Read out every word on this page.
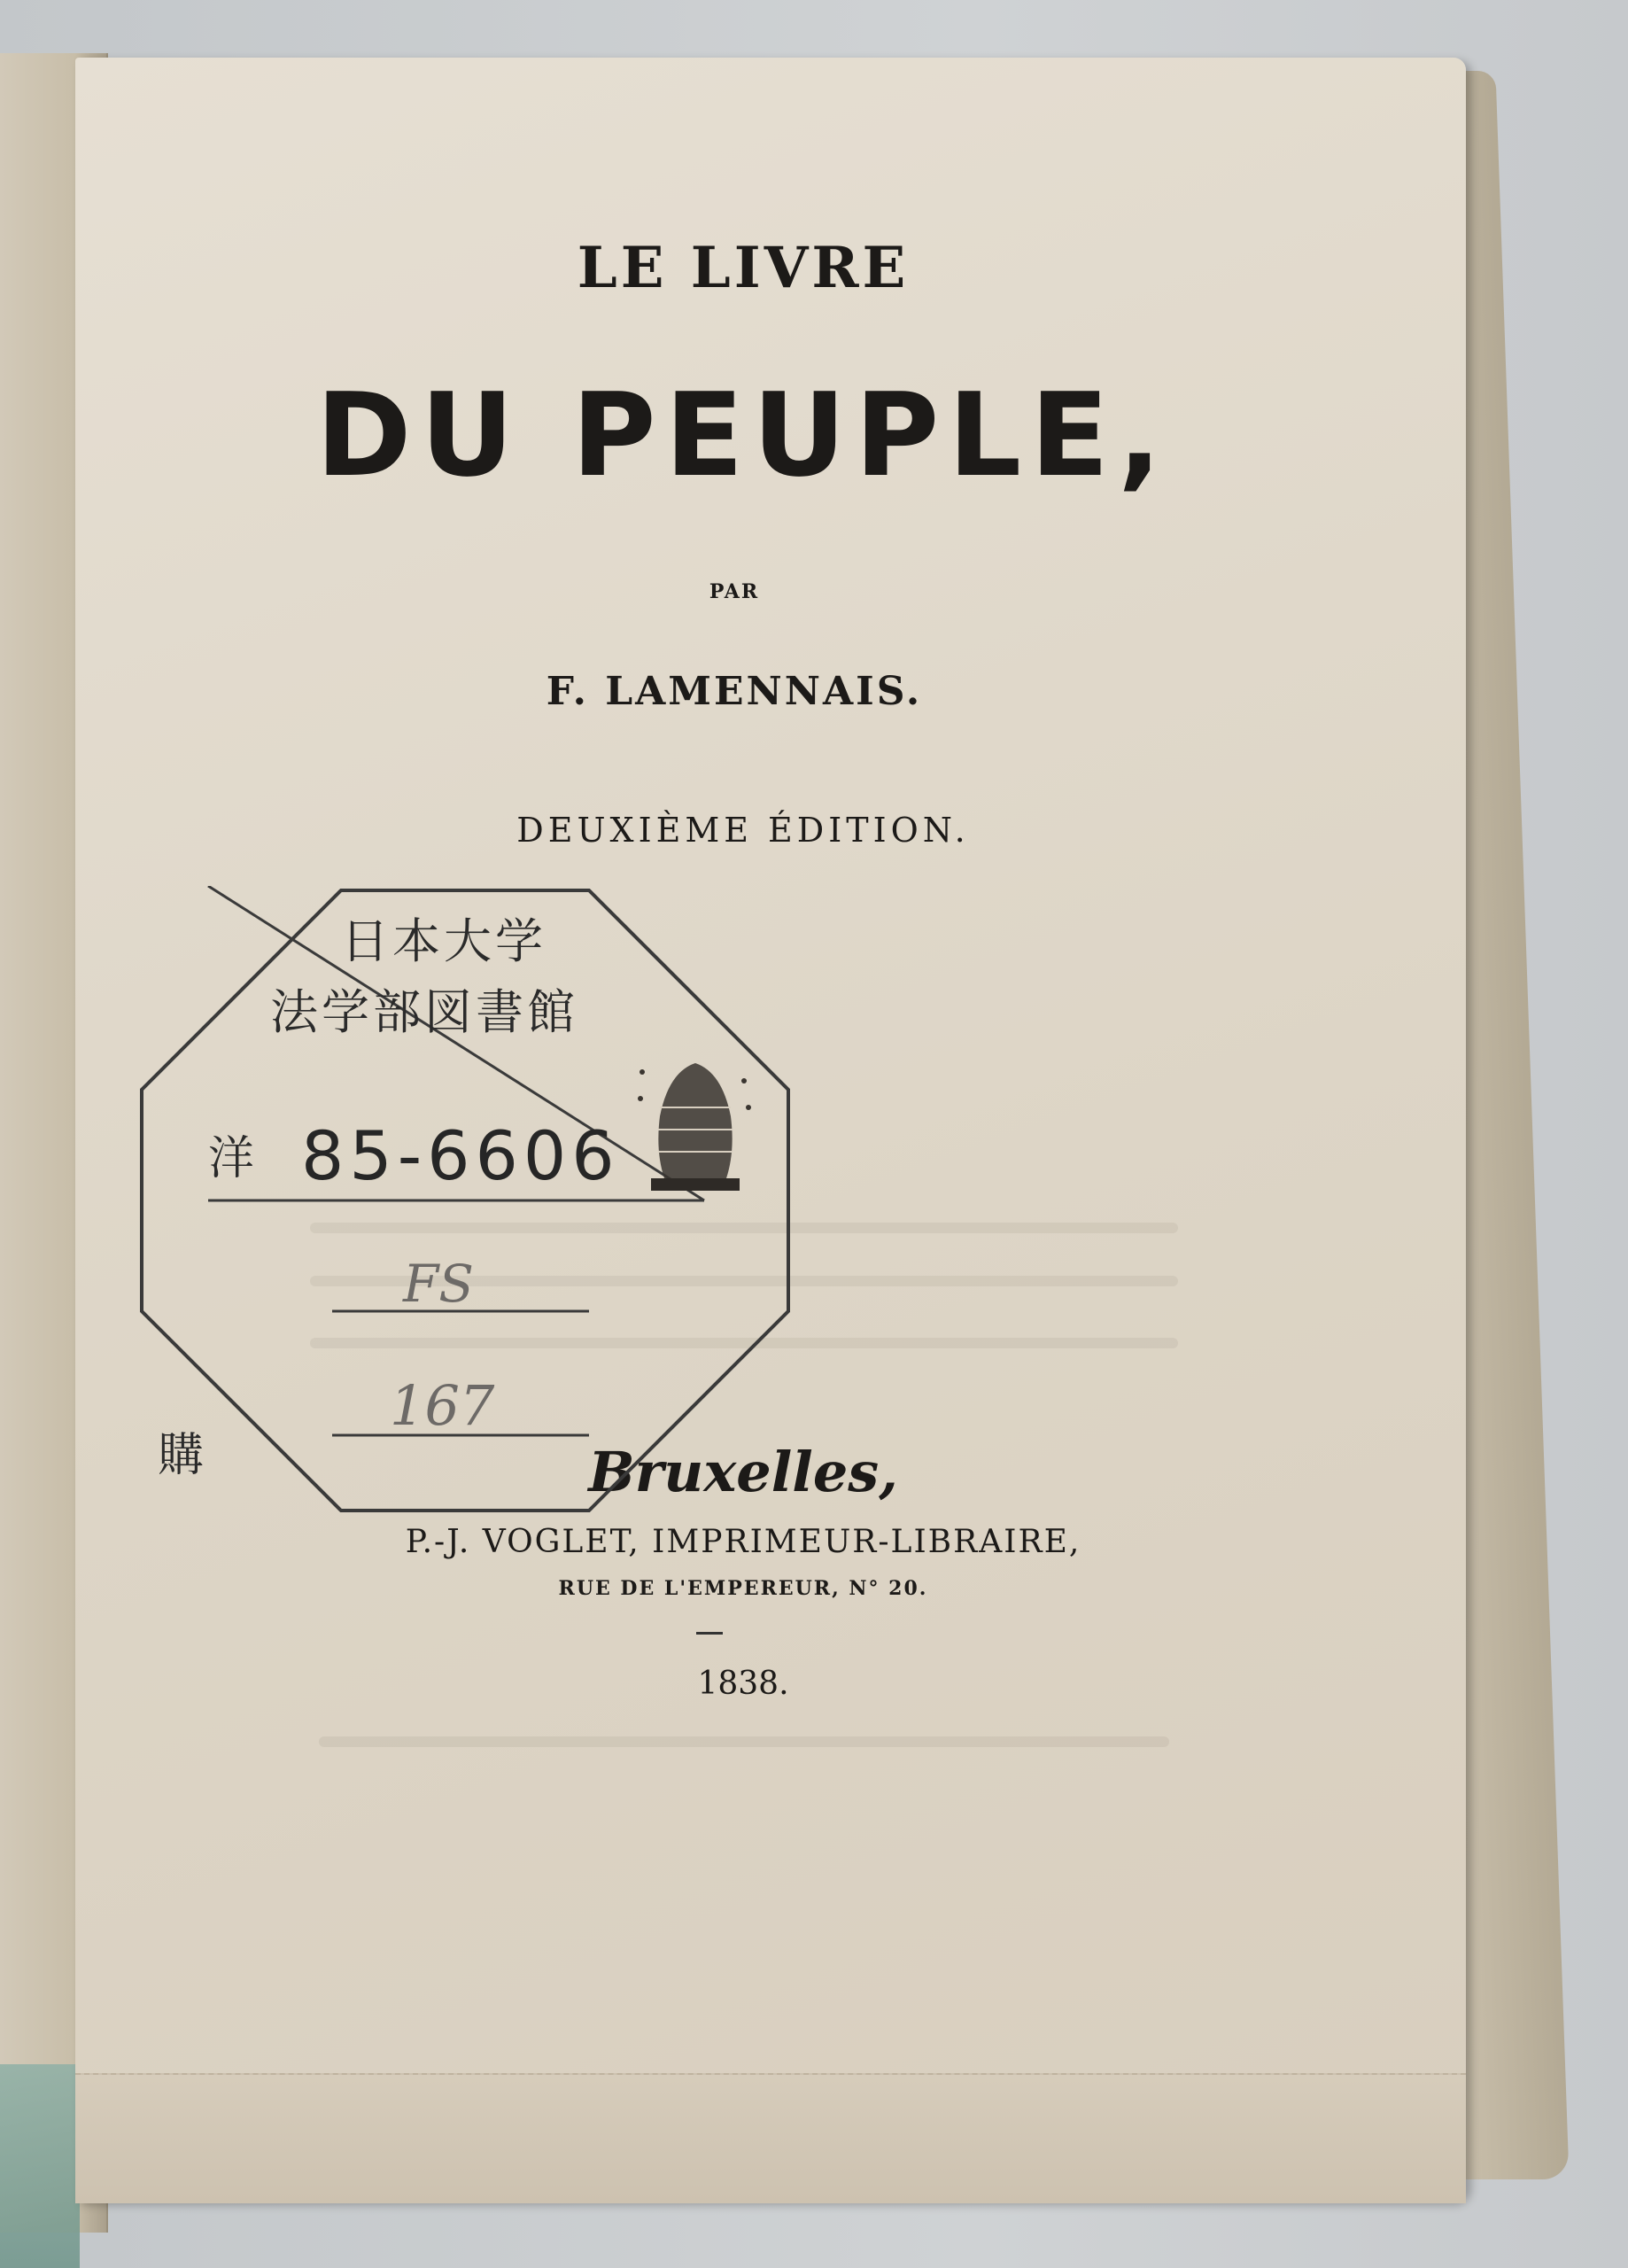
LE LIVRE
DU PEUPLE,
PAR
F. LAMENNAIS.
DEUXIÈME ÉDITION.
Bruxelles,
P.-J. VOGLET, IMPRIMEUR-LIBRAIRE,
RUE DE L'EMPEREUR, N° 20.
1838.
日本大学
法学部図書館
洋 85-6606
FS
167
購
